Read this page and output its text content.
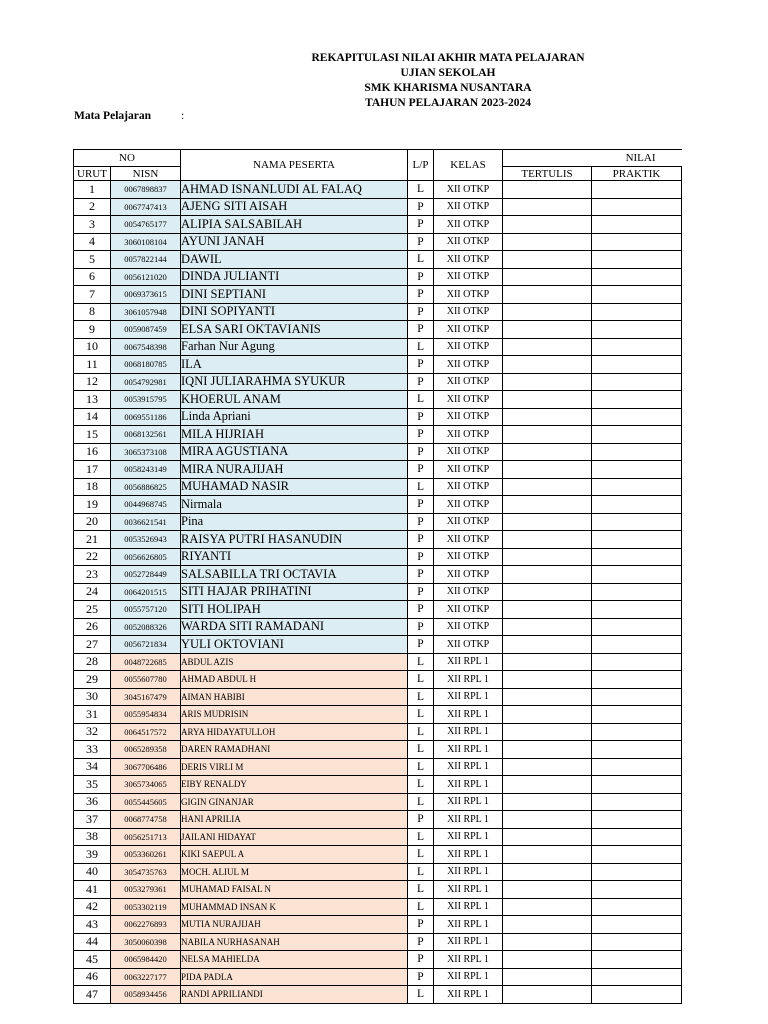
REKAPITULASI NILAI AKHIR MATA PELAJARAN
UJIAN SEKOLAH
SMK KHARISMA NUSANTARA
TAHUN PELAJARAN 2023-2024
Mata Pelajaran	:
NO		NAMA PESERTA	L/P	KELAS	NILAI	
URUT	NISN				TERTULIS	PRAKTIK
1	0067898837	AHMAD ISNANLUDI AL FALAQ	L	XII OTKP		
2	0067747413	AJENG SITI AISAH	P	XII OTKP		
3	0054765177	ALIPIA SALSABILAH	P	XII OTKP		
4	3060108104	AYUNI JANAH	P	XII OTKP		
5	0057822144	DAWIL	L	XII OTKP		
6	0056121020	DINDA JULIANTI	P	XII OTKP		
7	0069373615	DINI SEPTIANI	P	XII OTKP		
8	3061057948	DINI SOPIYANTI	P	XII OTKP		
9	0059087459	ELSA SARI OKTAVIANIS	P	XII OTKP		
10	0067548398	Farhan Nur Agung	L	XII OTKP		
11	0068180785	ILA	P	XII OTKP		
12	0054792981	IQNI JULIARAHMA SYUKUR	P	XII OTKP		
13	0053915795	KHOERUL ANAM	L	XII OTKP		
14	0069551186	Linda Apriani	P	XII OTKP		
15	0068132561	MILA HIJRIAH	P	XII OTKP		
16	3065373108	MIRA AGUSTIANA	P	XII OTKP		
17	0058243149	MIRA NURAJIJAH	P	XII OTKP		
18	0056886825	MUHAMAD NASIR	L	XII OTKP		
19	0044968745	Nirmala	P	XII OTKP		
20	0036621541	Pina	P	XII OTKP		
21	0053526943	RAISYA PUTRI HASANUDIN	P	XII OTKP		
22	0056626805	RIYANTI	P	XII OTKP		
23	0052728449	SALSABILLA TRI OCTAVIA	P	XII OTKP		
24	0064201515	SITI HAJAR PRIHATINI	P	XII OTKP		
25	0055757120	SITI HOLIPAH	P	XII OTKP		
26	0052088326	WARDA SITI RAMADANI	P	XII OTKP		
27	0056721834	YULI OKTOVIANI	P	XII OTKP		
28	0048722685	ABDUL AZIS	L	XII RPL 1		
29	0055607780	AHMAD ABDUL H	L	XII RPL 1		
30	3045167479	AIMAN HABIBI	L	XII RPL 1		
31	0055954834	ARIS MUDRISIN	L	XII RPL 1		
32	0064517572	ARYA HIDAYATULLOH	L	XII RPL 1		
33	0065289358	DAREN RAMADHANI	L	XII RPL 1		
34	3067706486	DERIS VIRLI M	L	XII RPL 1		
35	3065734065	EIBY RENALDY	L	XII RPL 1		
36	0055445605	GIGIN GINANJAR	L	XII RPL 1		
37	0068774758	HANI APRILIA	P	XII RPL 1		
38	0056251713	JAILANI HIDAYAT	L	XII RPL 1		
39	0053360261	KIKI SAEPUL A	L	XII RPL 1		
40	3054735763	MOCH. ALIUL M	L	XII RPL 1		
41	0053279361	MUHAMAD FAISAL N	L	XII RPL 1		
42	0053302119	MUHAMMAD INSAN K	L	XII RPL 1		
43	0062276893	MUTIA NURAJIJAH	P	XII RPL 1		
44	3050060398	NABILA NURHASANAH	P	XII RPL 1		
45	0065984420	NELSA MAHIELDA	P	XII RPL 1		
46	0063227177	PIDA PADLA	P	XII RPL 1		
47	0058934456	RANDI APRILIANDI	L	XII RPL 1		
